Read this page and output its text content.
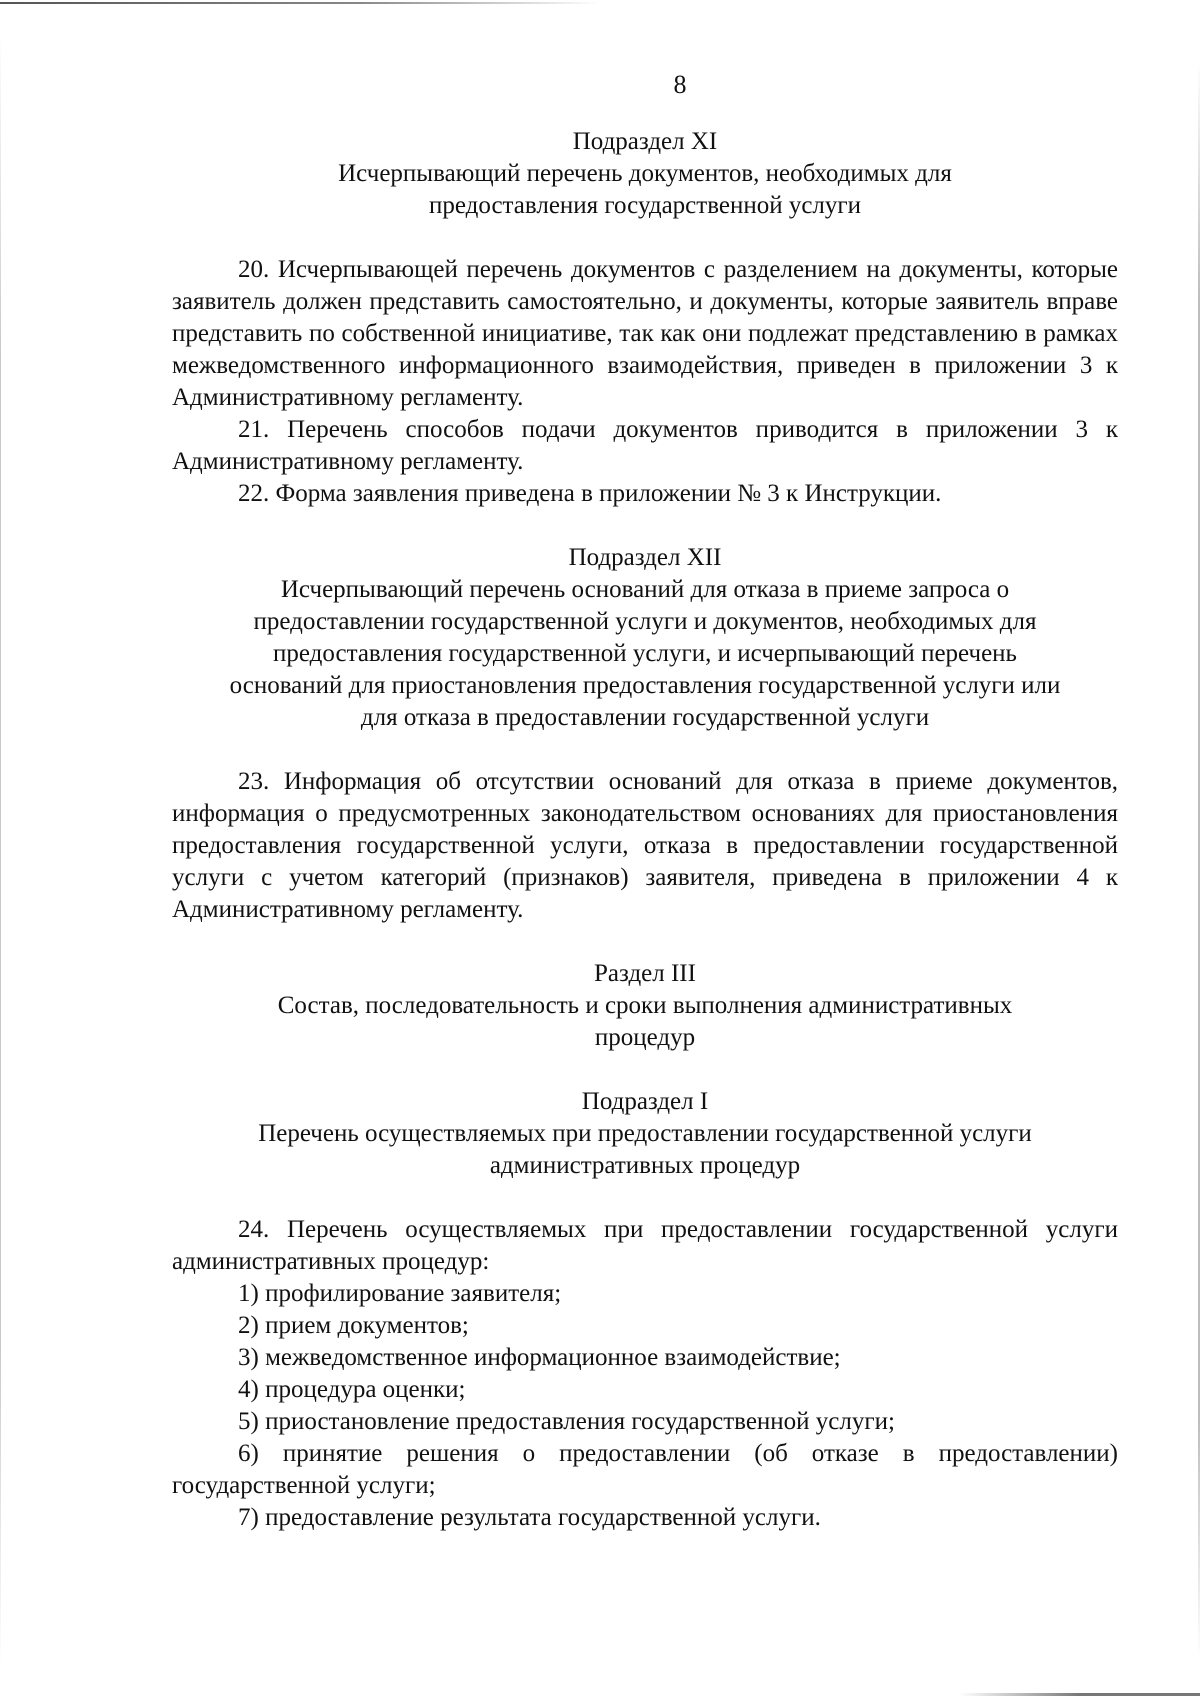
8

Подраздел XI

Исчерпывающий перечень документов, необходимых для

предоставления государственной услуги

20. Исчерпывающей перечень документов с разделением на документы, которые заявитель должен представить самостоятельно, и документы, которые заявитель вправе представить по собственной инициативе, так как они подлежат представлению в рамках межведомственного информационного взаимодействия, приведен в приложении 3 к Административному регламенту.

21. Перечень способов подачи документов приводится в приложении 3 к Административному регламенту.

22. Форма заявления приведена в приложении № 3 к Инструкции.

Подраздел XII

Исчерпывающий перечень оснований для отказа в приеме запроса о

предоставлении государственной услуги и документов, необходимых для

предоставления государственной услуги, и исчерпывающий перечень

оснований для приостановления предоставления государственной услуги или

для отказа в предоставлении государственной услуги

23. Информация об отсутствии оснований для отказа в приеме документов, информация о предусмотренных законодательством основаниях для приостановления предоставления государственной услуги, отказа в предоставлении государственной услуги с учетом категорий (признаков) заявителя, приведена в приложении 4 к Административному регламенту.

Раздел III

Состав, последовательность и сроки выполнения административных

процедур

Подраздел I

Перечень осуществляемых при предоставлении государственной услуги

административных процедур

24. Перечень осуществляемых при предоставлении государственной услуги административных процедур:

1) профилирование заявителя;

2) прием документов;

3) межведомственное информационное взаимодействие;

4) процедура оценки;

5) приостановление предоставления государственной услуги;

6) принятие решения о предоставлении (об отказе в предоставлении) государственной услуги;

7) предоставление результата государственной услуги.
